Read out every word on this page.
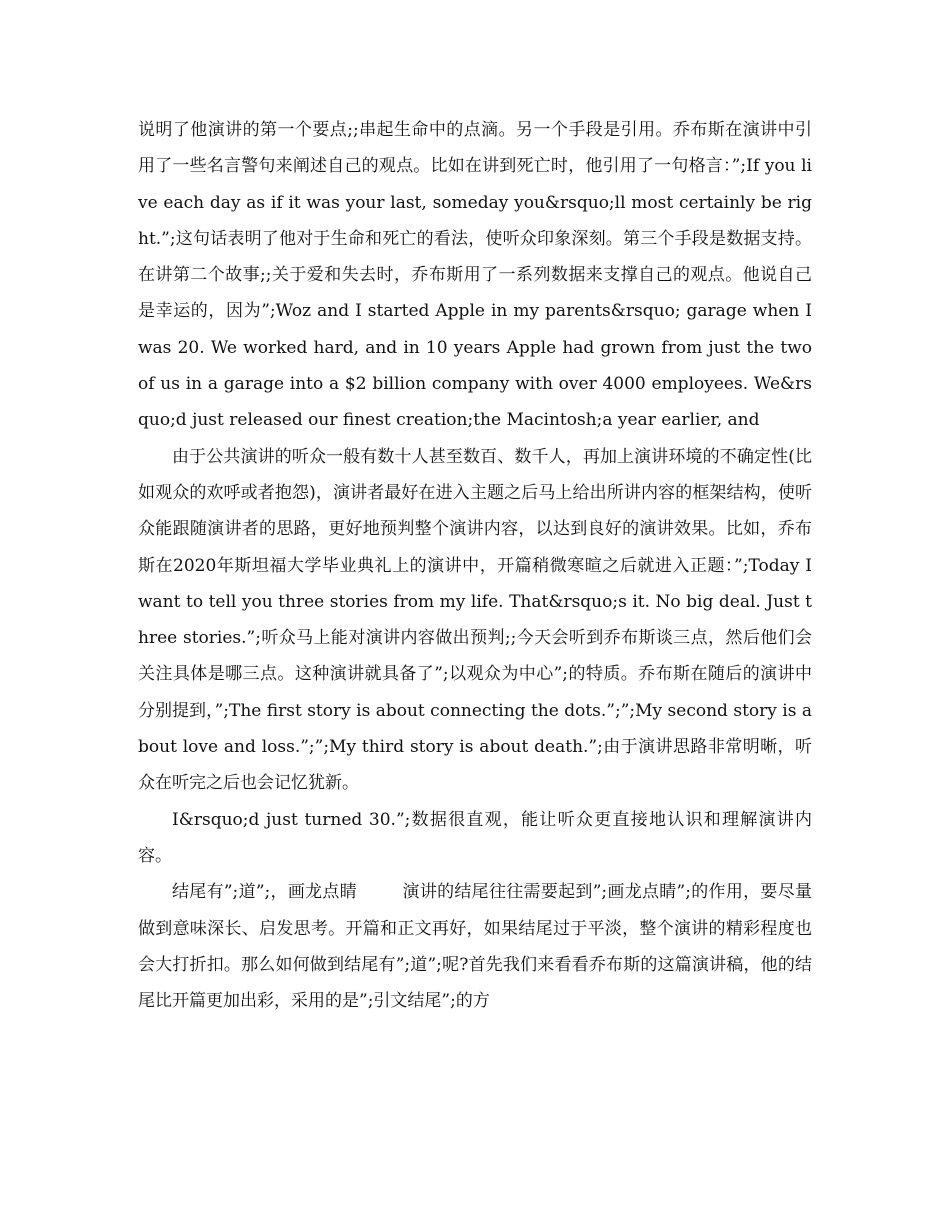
说明了他演讲的第一个要点;;串起生命中的点滴。另一个手段是引用。乔布斯在演讲中引用了一些名言警句来阐述自己的观点。比如在讲到死亡时，他引用了一句格言：”;If you live each day as if it was your last, someday you&rsquo;ll most certainly be right.”;这句话表明了他对于生命和死亡的看法，使听众印象深刻。第三个手段是数据支持。在讲第二个故事;;关于爱和失去时，乔布斯用了一系列数据来支撑自己的观点。他说自己是幸运的，因为”;Woz and I started Apple in my parents&rsquo; garage when I was 20. We worked hard, and in 10 years Apple had grown from just the two of us in a garage into a $2 billion company with over 4000 employees. We&rsquo;d just released our finest creation;the Macintosh;a year earlier, and

由于公共演讲的听众一般有数十人甚至数百、数千人，再加上演讲环境的不确定性(比如观众的欢呼或者抱怨)，演讲者最好在进入主题之后马上给出所讲内容的框架结构，使听众能跟随演讲者的思路，更好地预判整个演讲内容，以达到良好的演讲效果。比如，乔布斯在2020年斯坦福大学毕业典礼上的演讲中，开篇稍微寒暄之后就进入正题：”;Today I want to tell you three stories from my life. That&rsquo;s it. No big deal. Just three stories.”;听众马上能对演讲内容做出预判;;今天会听到乔布斯谈三点，然后他们会关注具体是哪三点。这种演讲就具备了”;以观众为中心”;的特质。乔布斯在随后的演讲中分别提到，”;The first story is about connecting the dots.”;”;My second story is about love and loss.”;”;My third story is about death.”;由于演讲思路非常明晰，听众在听完之后也会记忆犹新。

I&rsquo;d just turned 30.”;数据很直观，能让听众更直接地认识和理解演讲内容。

结尾有”;道”;，画龙点睛	演讲的结尾往往需要起到”;画龙点睛”;的作用，要尽量做到意味深长、启发思考。开篇和正文再好，如果结尾过于平淡，整个演讲的精彩程度也会大打折扣。那么如何做到结尾有”;道”;呢?首先我们来看看乔布斯的这篇演讲稿，他的结尾比开篇更加出彩，采用的是”;引文结尾”;的方
